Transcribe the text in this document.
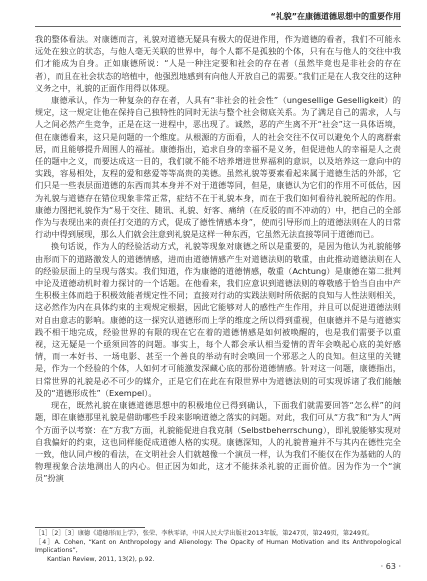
“礼貌”在康德道德思想中的重要作用

我的整体看法。对康德而言，礼貌对道德无疑具有极大的促进作用，作为道德的看者，我们不可能永远处在独立的状态，与他人毫无关联的世界中，每个人都不是孤独的个体，只有在与他人的交往中我们才能成为自身。正如康德所说：“人是一种注定要和社会的存在者（虽然毕竟也是非社会的存在者），而且在社会状态的培植中，他强烈地感到有向他人开放自己的需要。”我们正是在人我交往的这种义务之中，礼貌的正面作用得以体现。

康德承认，作为一种复杂的存在者，人具有“非社会的社会性”（ungesellige Geselligkeit）的规定，这一规定让他在保持自己独特性的同时无法与整个社会彻底关系。为了满足自己的需求，人与人之间必然产生竞争，正是在这一进程中，恶出现了。诚然，恶的产生离不开“社会”这一具体语境，但在康德看来，这只是问题的一个维度。从根源的方面看，人的社会交往不仅可以避免个人的离群索居，而且能够提升周围人的福祉。康德指出，追求自身的幸福不是义务，但促进他人的幸福是人之责任的题中之义，而要达成这一目的，我们就不能不培养增进世界福利的意识，以及培养这一意向中的实践，容易相处，友程的爱和慈爱等等高贵的美德。虽然礼貌等要素看起来属于道德生活的外部，它们只是一些表层面道德的东西而其本身并不对于道德等同，但是，康德认为它们的作用不可低估，因为礼貌与道德存在错位现象非常正常，症结不在于礼貌本身，而在于我们如何看待礼貌所起的作用。康德力图把礼貌作为“易于交往、随讯、礼貌、好客、痛纳（在反驳的而不冲动的）中，把自己的全部作为与表现出来的责任打交道的方式，促成了德性情感本身”，使而引导形而上的道德法则在人的日常行动中得到展现，那么人们就会注意到礼貌是这样一种东西，它虽然无法直接等同于道德而已。

换句话说，作为人的经验活动方式，礼貌等现象对康德之所以是重要的，是因为他认为礼貌能够由形而下的道路激发人的道德情感，进而由道德情感产生对道德法则的敬重，由此推动道德法则在人的经验层面上的呈现与落实。我们知道，作为康德的道德情感，敬重（Achtung）是康德在第二批判中论及道德动机时着力探讨的一个话题。在他看来，我们应意识到道德法则的尊敬感于恰当自由中产生积极主体而趋于积极效能者规定性不同；直接对行动的实践法则时所依据的良知与人性法则相关，这必然作为内在具体约束的主观规定根据，因此它能够对人的感性产生作用，并且可以促进道德法则对自由意志的影响。康德的这一探究认道德形而上学的维度之所以得到重视，但康德并不是与道德实践不相干地完成，经验世界的有限的现在它在着的道德情感是如何被唤醒的，也是我们需要予以重视，这无疑是一个亟须回答的问题。事实上，每个人都会承认相当爱情的青年会唤起心底的美好感情，而一本好书、一场电影、甚至一个善良的举动有时会唤回一个邪恶之人的良知。但这里的关键是，作为一个经验的个体，人如何才可能激发深藏心底的那份道德情感。针对这一问题，康德指出，日常世界的礼貌是必不可少的媒介，正是它们在此在有限世界中为道德法则的可实现诉诸了我们能触及的“道德形成性”（Exempel）。

现在，既然礼貌在康德道德思想中的积极地位已得到确认，下面我们就需要回答“怎么样”的问题，即在康德那里礼貌是借助哪些手段来影响道德之落实的问题。对此，我们可从“方我”和“为人”两个方面予以考察：在“方我”方面，礼貌能促进自我克制（Selbstbeherrschung），即礼貌能够实现对自我偏好的约束，这也同样能促成道德人格的实现。康德深知，人的礼貌普遍并不与其内在德性完全一致，他认同卢梭的看法，在文明社会人们就越像一个演员一样，认为我们不能仅在作为基础的人的物理视象合法地测出人的内心。但正因为如此，这才不能抹杀礼貌的正面价值。因为作为一个“演员”扮演

［1］［2］［3］康德《道德形而上学》，张荣、李秋零译，中国人民大学出版社2013年版，第247页，第249页，第249页。

［4］A. Cohen, “Kant on Anthropology and Alienology: The Opacity of Human Motivation and Its Anthropological Implications”,

Kantian Review, 2011, 13(2), p.92.

· 63 ·
